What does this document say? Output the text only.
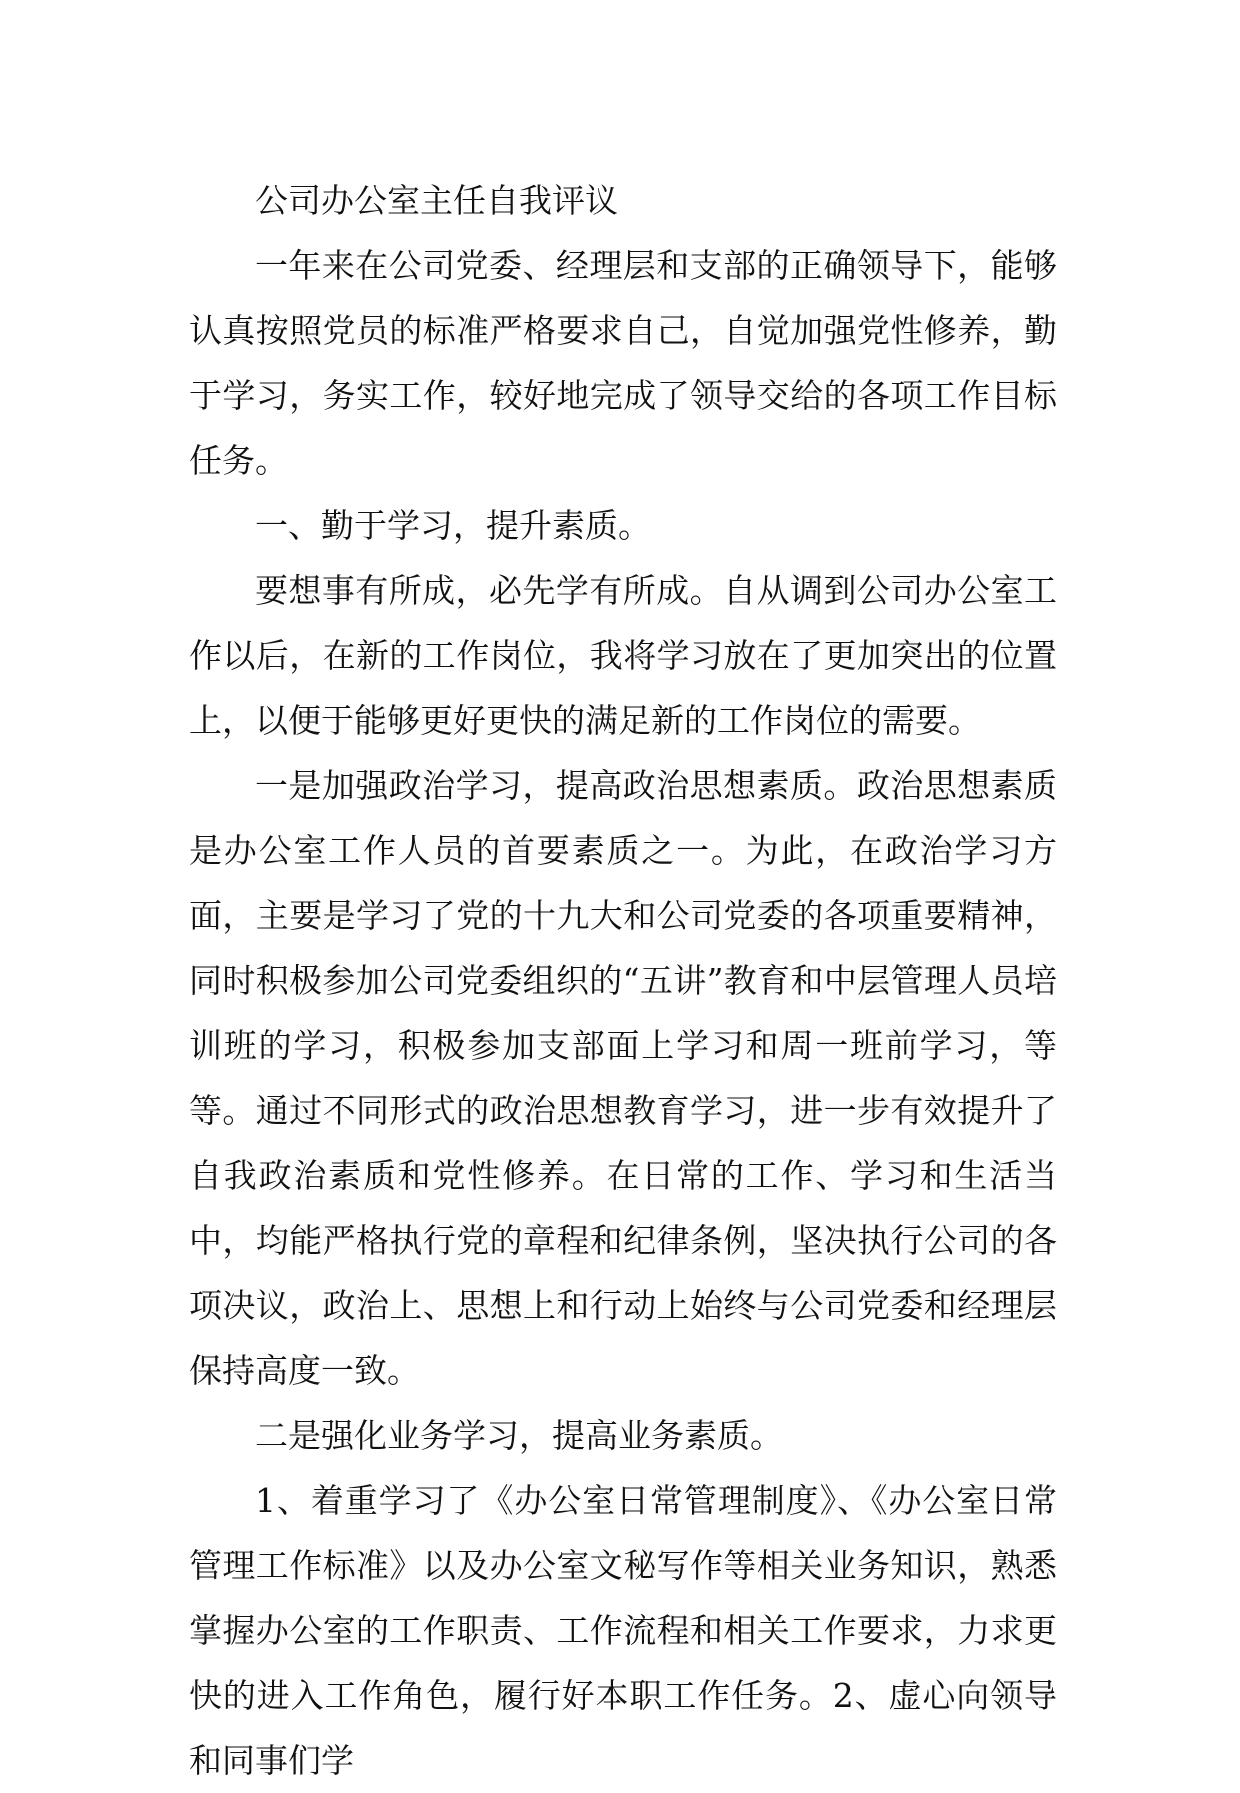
公司办公室主任自我评议

一年来在公司党委、经理层和支部的正确领导下，能够认真按照党员的标准严格要求自己，自觉加强党性修养，勤于学习，务实工作，较好地完成了领导交给的各项工作目标任务。

一、勤于学习，提升素质。

要想事有所成，必先学有所成。自从调到公司办公室工作以后，在新的工作岗位，我将学习放在了更加突出的位置上，以便于能够更好更快的满足新的工作岗位的需要。

一是加强政治学习，提高政治思想素质。政治思想素质是办公室工作人员的首要素质之一。为此，在政治学习方面，主要是学习了党的十九大和公司党委的各项重要精神，同时积极参加公司党委组织的“五讲”教育和中层管理人员培训班的学习，积极参加支部面上学习和周一班前学习，等等。通过不同形式的政治思想教育学习，进一步有效提升了自我政治素质和党性修养。在日常的工作、学习和生活当中，均能严格执行党的章程和纪律条例，坚决执行公司的各项决议，政治上、思想上和行动上始终与公司党委和经理层保持高度一致。

二是强化业务学习，提高业务素质。

1、着重学习了《办公室日常管理制度》、《办公室日常管理工作标准》以及办公室文秘写作等相关业务知识，熟悉掌握办公室的工作职责、工作流程和相关工作要求，力求更快的进入工作角色，履行好本职工作任务。2、虚心向领导和同事们学
